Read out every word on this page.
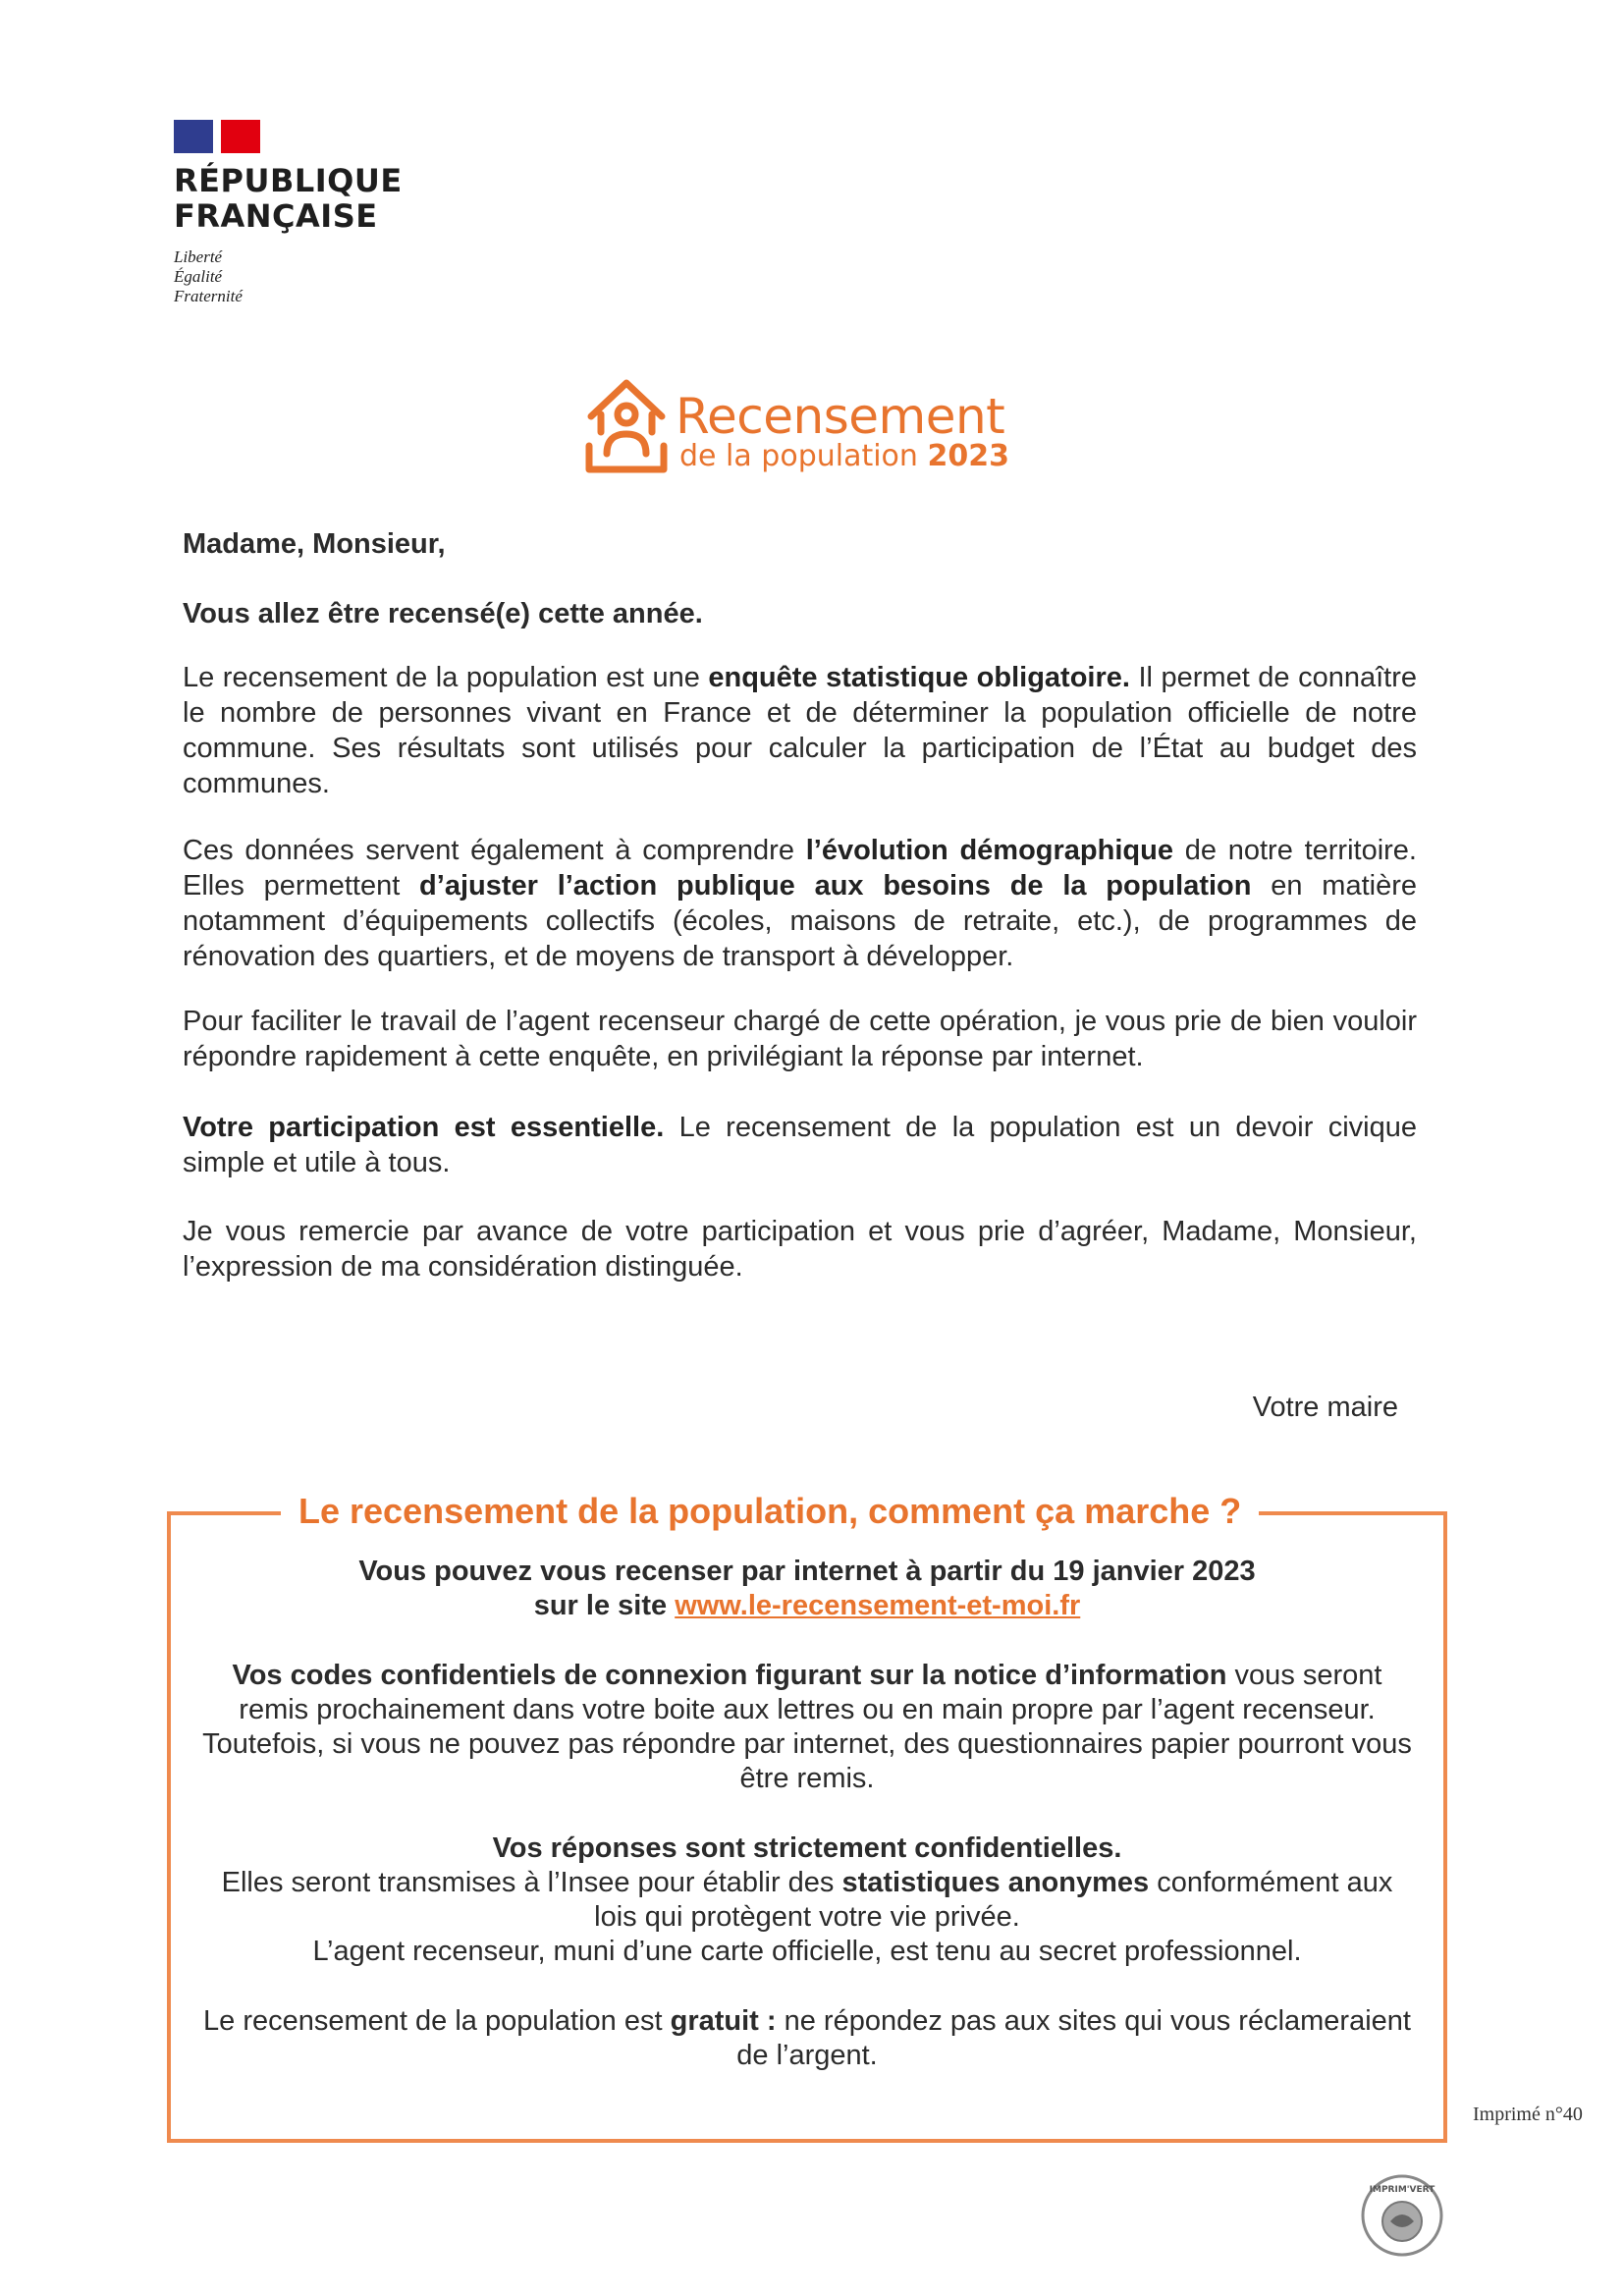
RÉPUBLIQUE
FRANÇAISE
Liberté
Égalité
Fraternité
Recensement
de la population 2023
Madame, Monsieur,
Vous allez être recensé(e) cette année.
Le recensement de la population est une enquête statistique obligatoire. Il permet de connaître le nombre de personnes vivant en France et de déterminer la population officielle de notre commune. Ses résultats sont utilisés pour calculer la participation de l’État au budget des communes.
Ces données servent également à comprendre l’évolution démographique de notre territoire. Elles permettent d’ajuster l’action publique aux besoins de la population en matière notamment d’équipements collectifs (écoles, maisons de retraite, etc.), de programmes de rénovation des quartiers, et de moyens de transport à développer.
Pour faciliter le travail de l’agent recenseur chargé de cette opération, je vous prie de bien vouloir répondre rapidement à cette enquête, en privilégiant la réponse par internet.
Votre participation est essentielle. Le recensement de la population est un devoir civique simple et utile à tous.
Je vous remercie par avance de votre participation et vous prie d’agréer, Madame, Monsieur, l’expression de ma considération distinguée.
Votre maire
Le recensement de la population, comment ça marche ?

Vous pouvez vous recenser par internet à partir du 19 janvier 2023

sur le site www.le-recensement-et-moi.fr

Vos codes confidentiels de connexion figurant sur la notice d’information vous seront remis prochainement dans votre boite aux lettres ou en main propre par l’agent recenseur. Toutefois, si vous ne pouvez pas répondre par internet, des questionnaires papier pourront vous être remis.

Vos réponses sont strictement confidentielles.

Elles seront transmises à l’Insee pour établir des statistiques anonymes conformément aux lois qui protègent votre vie privée.

L’agent recenseur, muni d’une carte officielle, est tenu au secret professionnel.

Le recensement de la population est gratuit : ne répondez pas aux sites qui vous réclameraient de l’argent.

Imprimé n°40
IMPRIM'VERT
